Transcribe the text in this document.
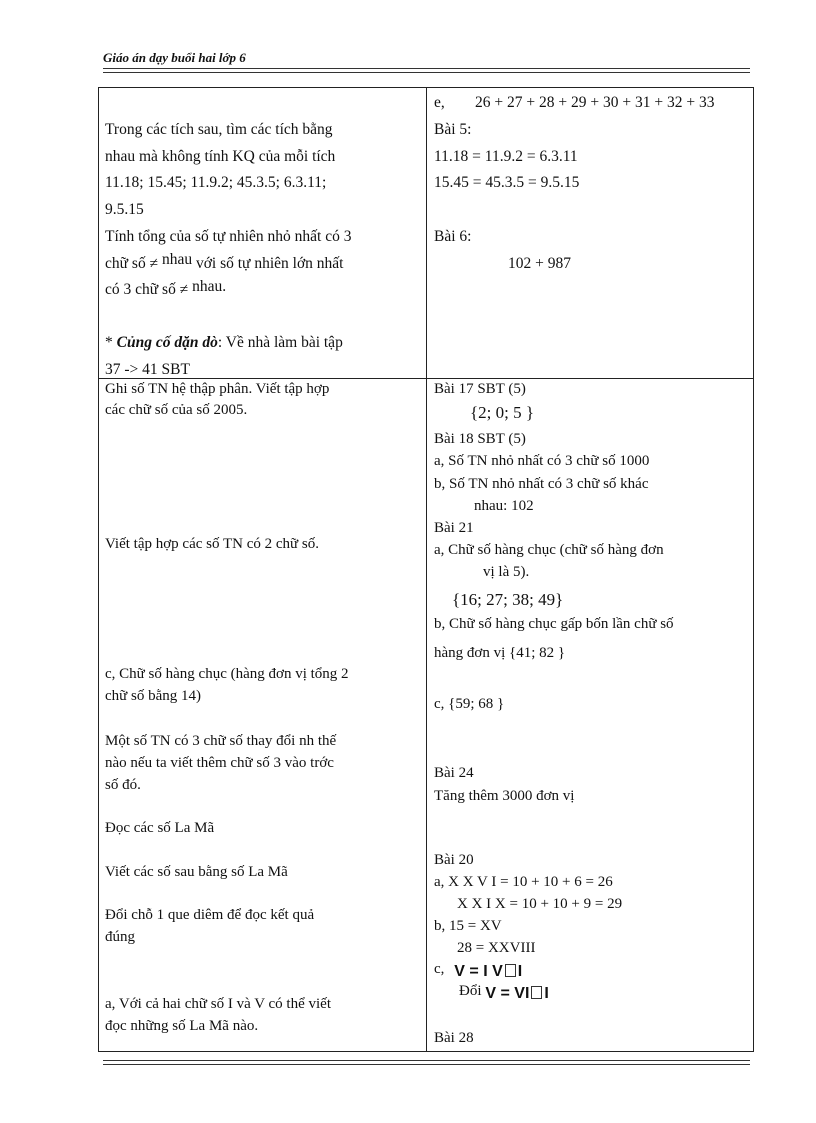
Giáo án dạy buổi hai lớp 6
Trong các tích sau, tìm các tích bằng
nhau mà không tính KQ của mỗi tích
11.18; 15.45; 11.9.2; 45.3.5; 6.3.11;
9.5.15
Tính tổng của số tự nhiên nhỏ nhất có 3
chữ số ≠ nhau với số tự nhiên lớn nhất
có 3 chữ số ≠ nhau.
* Củng cố dặn dò: Về nhà làm bài tập
37 -> 41 SBT
e, 26 + 27 + 28 + 29 + 30 + 31 + 32 + 33
Bài 5:
11.18 = 11.9.2 = 6.3.11
15.45 = 45.3.5 = 9.5.15
Bài 6:
102 + 987
Ghi số TN hệ thập phân. Viết tập hợp
các chữ số của số 2005.
Viết tập hợp các số TN có 2 chữ số.
c, Chữ số hàng chục (hàng đơn vị tổng 2
chữ số bằng 14)
Một số TN có 3 chữ số thay đổi nh thế
nào nếu ta viết thêm chữ số 3 vào trớc
số đó.
Đọc các số La Mã
Viết các số sau bằng số La Mã
Đổi chỗ 1 que diêm để đọc kết quả
đúng
a, Với cả hai chữ số I và V có thể viết
đọc những số La Mã nào.
Bài 17 SBT (5)
{2; 0; 5 }
Bài 18 SBT (5)
a, Số TN nhỏ nhất có 3 chữ số 1000
b, Số TN nhỏ nhất có 3 chữ số khác
nhau: 102
Bài 21
a, Chữ số hàng chục (chữ số hàng đơn
vị là 5).
{16; 27; 38; 49}
b, Chữ số hàng chục gấp bốn lần chữ số
hàng đơn vị {41; 82 }
c, {59; 68 }
Bài 24
Tăng thêm 3000 đơn vị
Bài 20
a, X X V I = 10 + 10 + 6 = 26
X X I X = 10 + 10 + 9 = 29
b, 15 = XV
28 = XXVIII
c, V = I V I
Đổi V = VI I
Bài 28
